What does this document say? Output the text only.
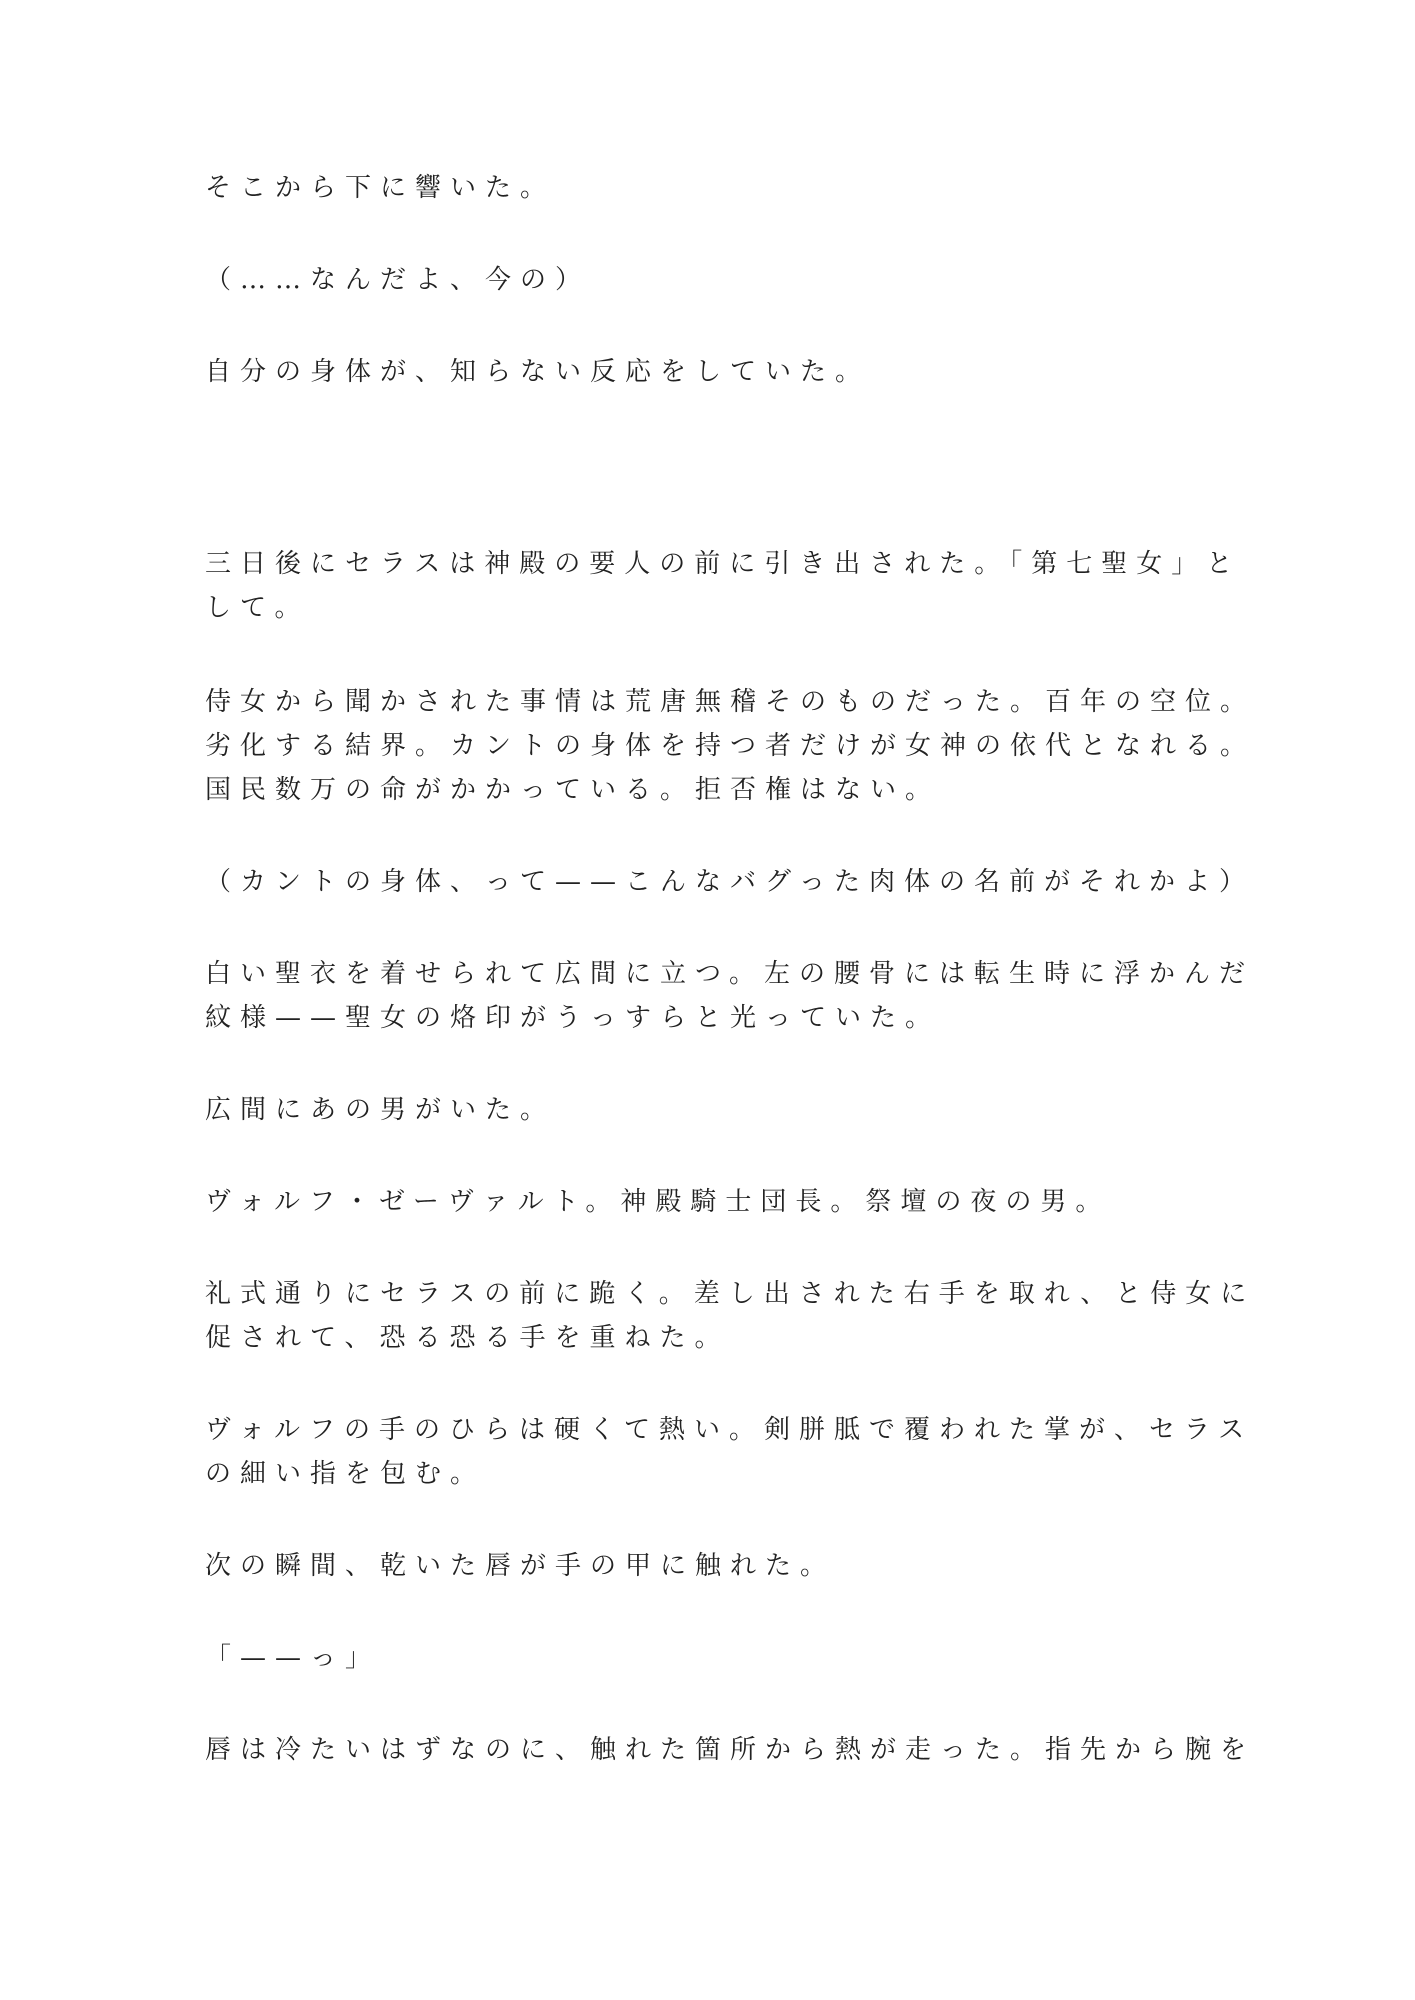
そこから下に響いた。

（……なんだよ、今の）

自分の身体が、知らない反応をしていた。

三日後にセラスは神殿の要人の前に引き出された。「第七聖女」と

して。

侍女から聞かされた事情は荒唐無稽そのものだった。百年の空位。

劣化する結界。カントの身体を持つ者だけが女神の依代となれる。

国民数万の命がかかっている。拒否権はない。

（カントの身体、って——こんなバグった肉体の名前がそれかよ）

白い聖衣を着せられて広間に立つ。左の腰骨には転生時に浮かんだ

紋様——聖女の烙印がうっすらと光っていた。

広間にあの男がいた。

ヴォルフ・ゼーヴァルト。神殿騎士団長。祭壇の夜の男。

礼式通りにセラスの前に跪く。差し出された右手を取れ、と侍女に

促されて、恐る恐る手を重ねた。

ヴォルフの手のひらは硬くて熱い。剣胼胝で覆われた掌が、セラス

の細い指を包む。

次の瞬間、乾いた唇が手の甲に触れた。

「——っ」

唇は冷たいはずなのに、触れた箇所から熱が走った。指先から腕を
